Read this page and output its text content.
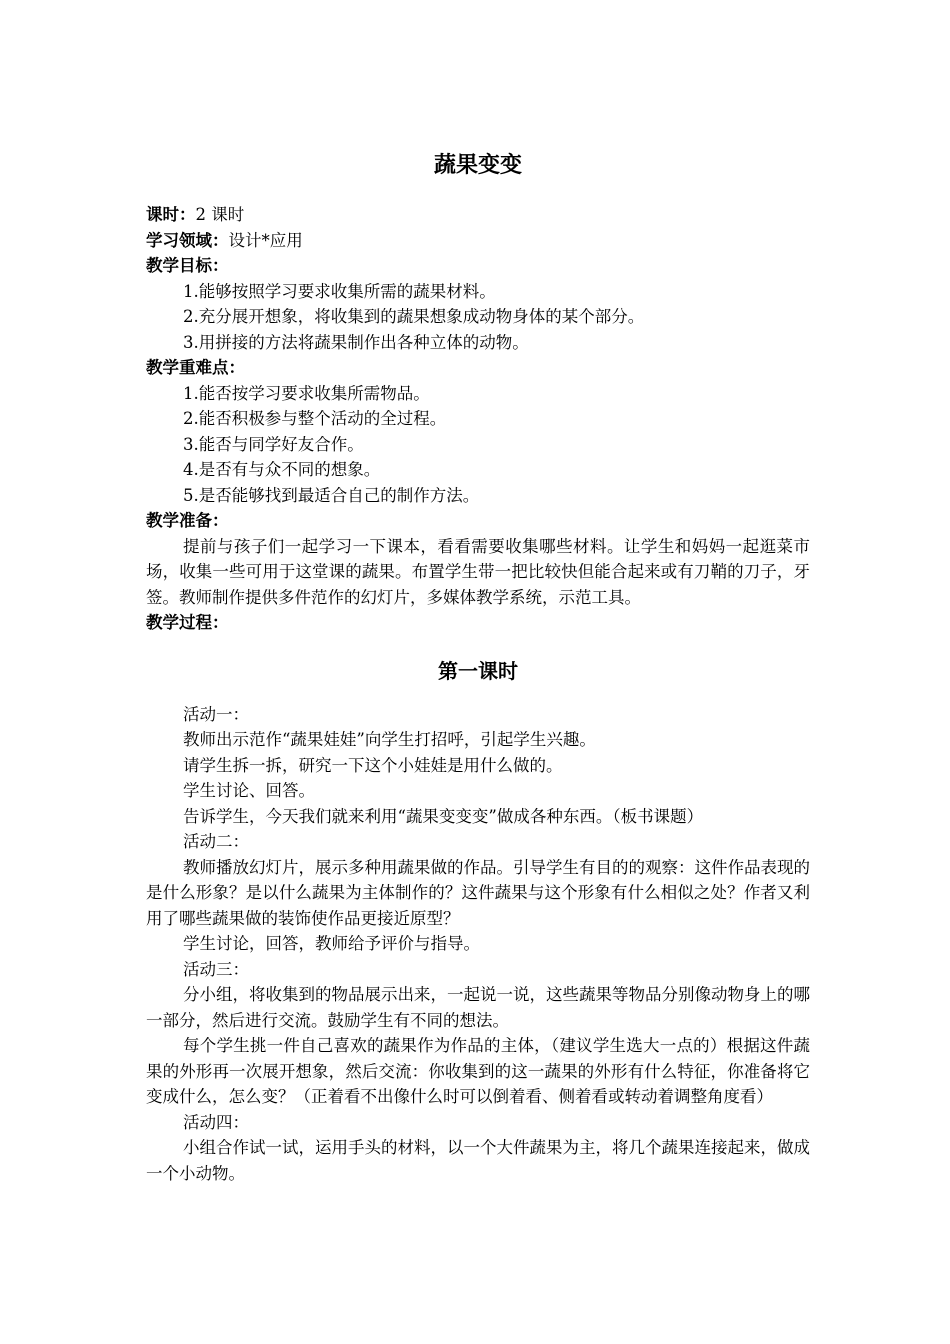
蔬果变变
课时：2 课时
学习领域：设计*应用
教学目标：
1.能够按照学习要求收集所需的蔬果材料。
2.充分展开想象，将收集到的蔬果想象成动物身体的某个部分。
3.用拼接的方法将蔬果制作出各种立体的动物。
教学重难点：
1.能否按学习要求收集所需物品。
2.能否积极参与整个活动的全过程。
3.能否与同学好友合作。
4.是否有与众不同的想象。
5.是否能够找到最适合自己的制作方法。
教学准备：

提前与孩子们一起学习一下课本，看看需要收集哪些材料。让学生和妈妈一起逛菜市场，收集一些可用于这堂课的蔬果。布置学生带一把比较快但能合起来或有刀鞘的刀子，牙签。教师制作提供多件范作的幻灯片，多媒体教学系统，示范工具。

教学过程：
第一课时

活动一：

教师出示范作“蔬果娃娃”向学生打招呼，引起学生兴趣。

请学生拆一拆，研究一下这个小娃娃是用什么做的。

学生讨论、回答。

告诉学生，今天我们就来利用“蔬果变变变”做成各种东西。（板书课题）

活动二：

教师播放幻灯片，展示多种用蔬果做的作品。引导学生有目的的观察：这件作品表现的是什么形象？是以什么蔬果为主体制作的？这件蔬果与这个形象有什么相似之处？作者又利用了哪些蔬果做的装饰使作品更接近原型？

学生讨论，回答，教师给予评价与指导。

活动三：

分小组，将收集到的物品展示出来，一起说一说，这些蔬果等物品分别像动物身上的哪一部分，然后进行交流。鼓励学生有不同的想法。

每个学生挑一件自己喜欢的蔬果作为作品的主体，（建议学生选大一点的）根据这件蔬果的外形再一次展开想象，然后交流：你收集到的这一蔬果的外形有什么特征，你准备将它变成什么，怎么变？（正着看不出像什么时可以倒着看、侧着看或转动着调整角度看）

活动四：

小组合作试一试，运用手头的材料，以一个大件蔬果为主，将几个蔬果连接起来，做成一个小动物。
